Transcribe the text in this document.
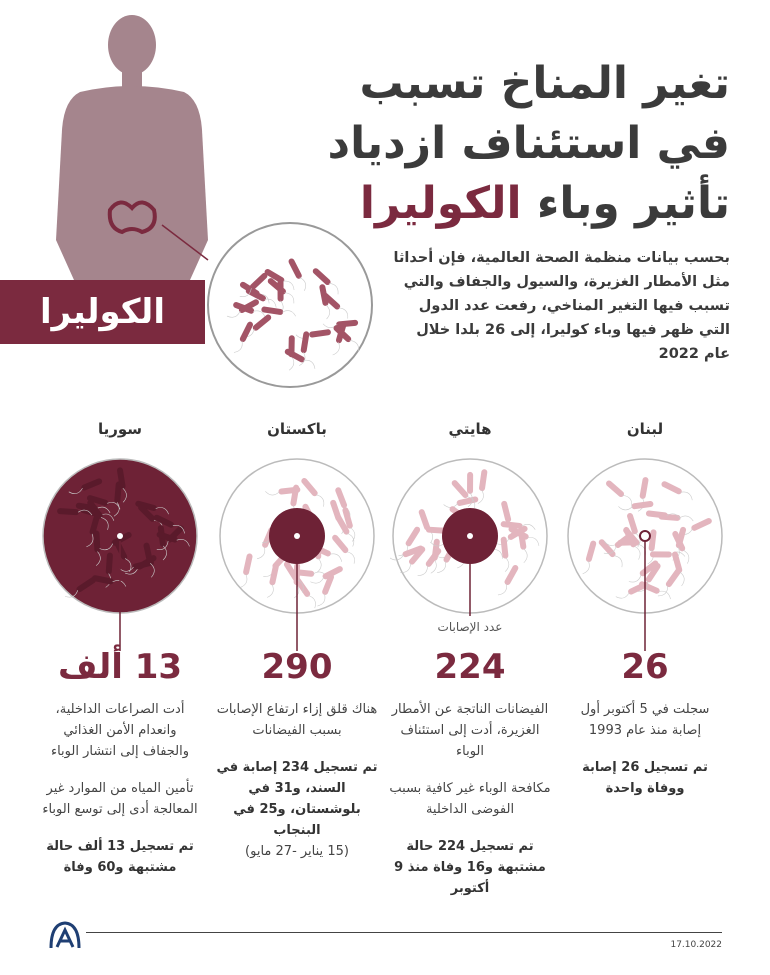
الكوليرا
تغير المناخ تسبب
في استئناف ازدياد
تأثير وباء الكوليرا
بحسب بيانات منظمة الصحة العالمية، فإن أحداثا مثل الأمطار الغزيرة، والسيول والجفاف والتي تسبب فيها التغير المناخي، رفعت عدد الدول التي ظهر فيها وباء كوليرا، إلى 26 بلدا خلال عام 2022
لبنان
26
سجلت في 5 أكتوبر أول إصابة منذ عام 1993
تم تسجيل 26 إصابة ووفاة واحدة
هايتي
224
الفيضانات الناتجة عن الأمطار الغزيرة، أدت إلى استئناف الوباء
مكافحة الوباء غير كافية بسبب الفوضى الداخلية
تم تسجيل 224 حالة مشتبهة و16 وفاة منذ 9 أكتوبر
باكستان
290
هناك قلق إزاء ارتفاع الإصابات بسبب الفيضانات
تم تسجيل 234 إصابة في السند، و31 في بلوشستان، و25 في البنجاب
(15 يناير -27 مايو)
سوريا
13 ألف
أدت الصراعات الداخلية، وانعدام الأمن الغذائي والجفاف إلى انتشار الوباء
تأمين المياه من الموارد غير المعالجة أدى إلى توسع الوباء
تم تسجيل 13 ألف حالة مشتبهة و60 وفاة
عدد الإصابات
17.10.2022
